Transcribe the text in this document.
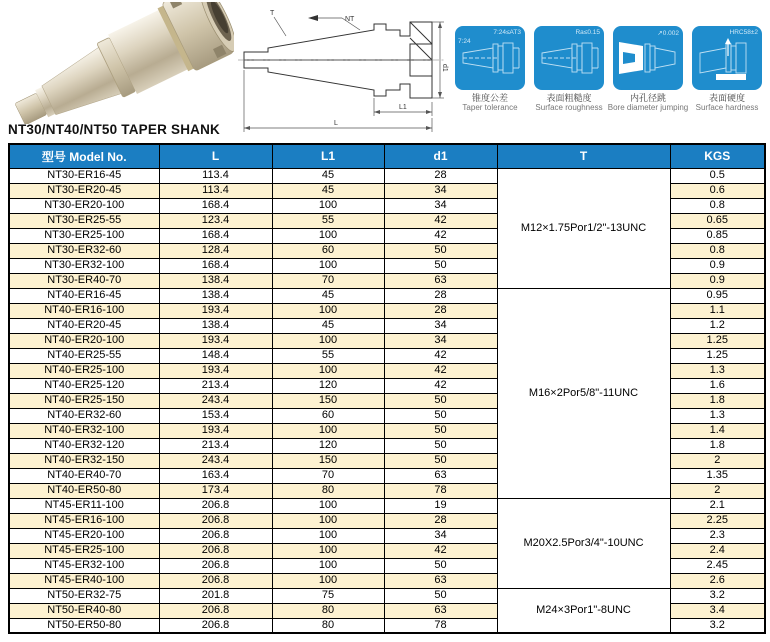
T
NT
d1
L1
L
7:24≤AT3
7:24
锥度公差
Taper tolerance
Ra≤0.15
表面粗糙度
Surface roughness
↗0.002
内孔径跳
Bore diameter jumping
HRC58±2
表面硬度
Surface hardness
NT30/NT40/NT50 TAPER SHANK
型号 Model No.	L	L1	d1	T	KGS
NT30-ER16-45	113.4	45	28	M12×1.75Por1/2"-13UNC	0.5
NT30-ER20-45	113.4	45	34		0.6
NT30-ER20-100	168.4	100	34		0.8
NT30-ER25-55	123.4	55	42		0.65
NT30-ER25-100	168.4	100	42		0.85
NT30-ER32-60	128.4	60	50		0.8
NT30-ER32-100	168.4	100	50		0.9
NT30-ER40-70	138.4	70	63		0.9
NT40-ER16-45	138.4	45	28	M16×2Por5/8"-11UNC	0.95
NT40-ER16-100	193.4	100	28		1.1
NT40-ER20-45	138.4	45	34		1.2
NT40-ER20-100	193.4	100	34		1.25
NT40-ER25-55	148.4	55	42		1.25
NT40-ER25-100	193.4	100	42		1.3
NT40-ER25-120	213.4	120	42		1.6
NT40-ER25-150	243.4	150	50		1.8
NT40-ER32-60	153.4	60	50		1.3
NT40-ER32-100	193.4	100	50		1.4
NT40-ER32-120	213.4	120	50		1.8
NT40-ER32-150	243.4	150	50		2
NT40-ER40-70	163.4	70	63		1.35
NT40-ER50-80	173.4	80	78		2
NT45-ER11-100	206.8	100	19	M20X2.5Por3/4"-10UNC	2.1
NT45-ER16-100	206.8	100	28		2.25
NT45-ER20-100	206.8	100	34		2.3
NT45-ER25-100	206.8	100	42		2.4
NT45-ER32-100	206.8	100	50		2.45
NT45-ER40-100	206.8	100	63		2.6
NT50-ER32-75	201.8	75	50	M24×3Por1"-8UNC	3.2
NT50-ER40-80	206.8	80	63		3.4
NT50-ER50-80	206.8	80	78		3.2
